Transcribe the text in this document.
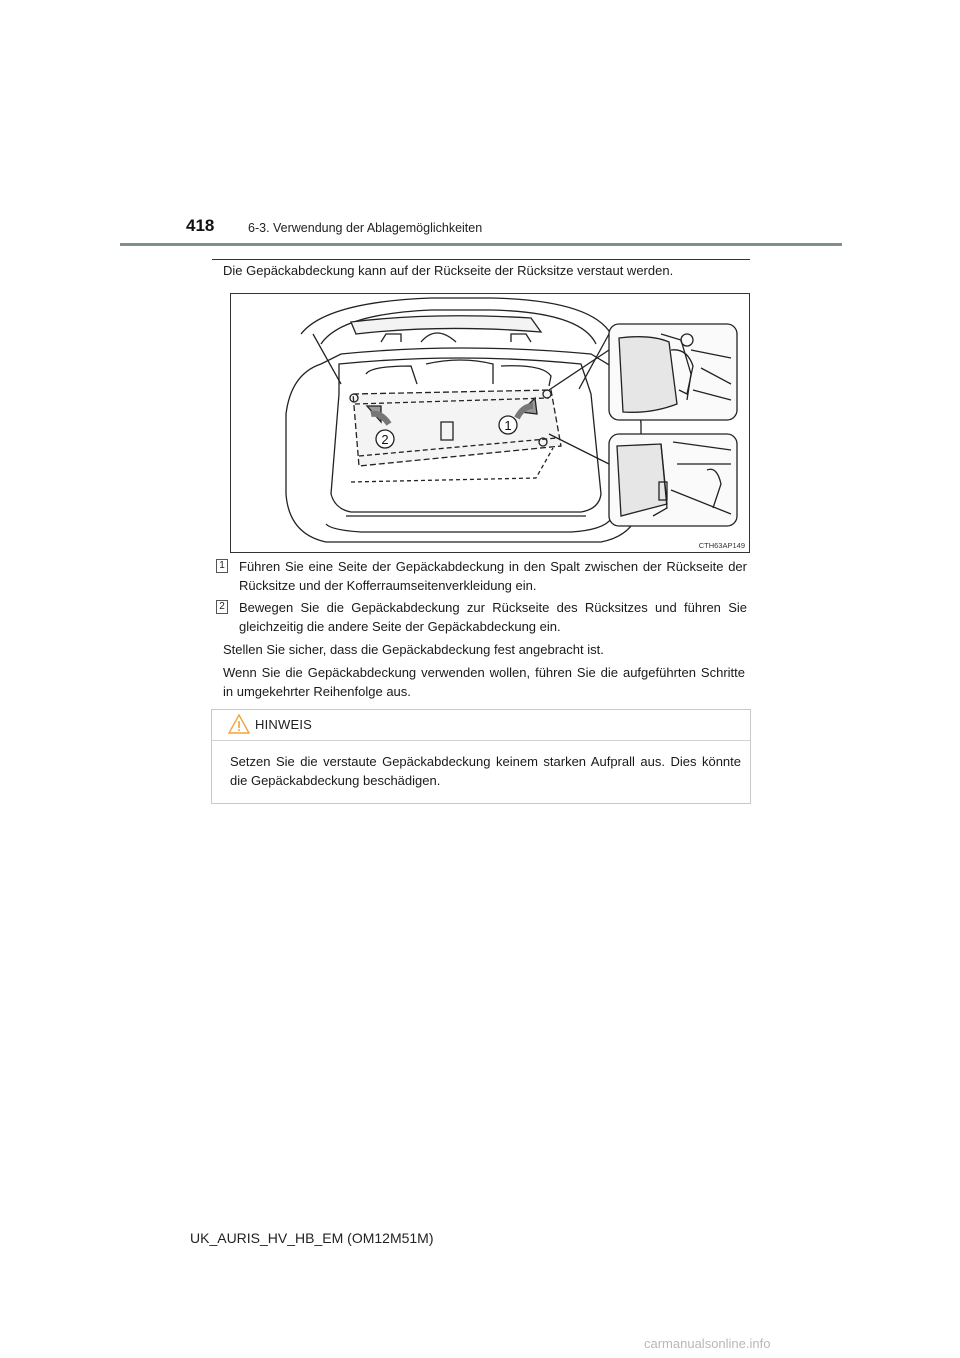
418	6-3. Verwendung der Ablagemöglichkeiten
Die Gepäckabdeckung kann auf der Rückseite der Rücksitze verstaut werden.
2
1
CTH63AP149
1 Führen Sie eine Seite der Gepäckabdeckung in den Spalt zwischen der Rückseite der Rücksitze und der Kofferraumseitenverkleidung ein.
2 Bewegen Sie die Gepäckabdeckung zur Rückseite des Rücksitzes und führen Sie gleichzeitig die andere Seite der Gepäckabdeckung ein.
Stellen Sie sicher, dass die Gepäckabdeckung fest angebracht ist.
Wenn Sie die Gepäckabdeckung verwenden wollen, führen Sie die aufgeführten Schritte in umgekehrter Reihenfolge aus.
HINWEIS
Setzen Sie die verstaute Gepäckabdeckung keinem starken Aufprall aus. Dies könnte die Gepäckabdeckung beschädigen.
UK_AURIS_HV_HB_EM (OM12M51M)
carmanualsonline.info
